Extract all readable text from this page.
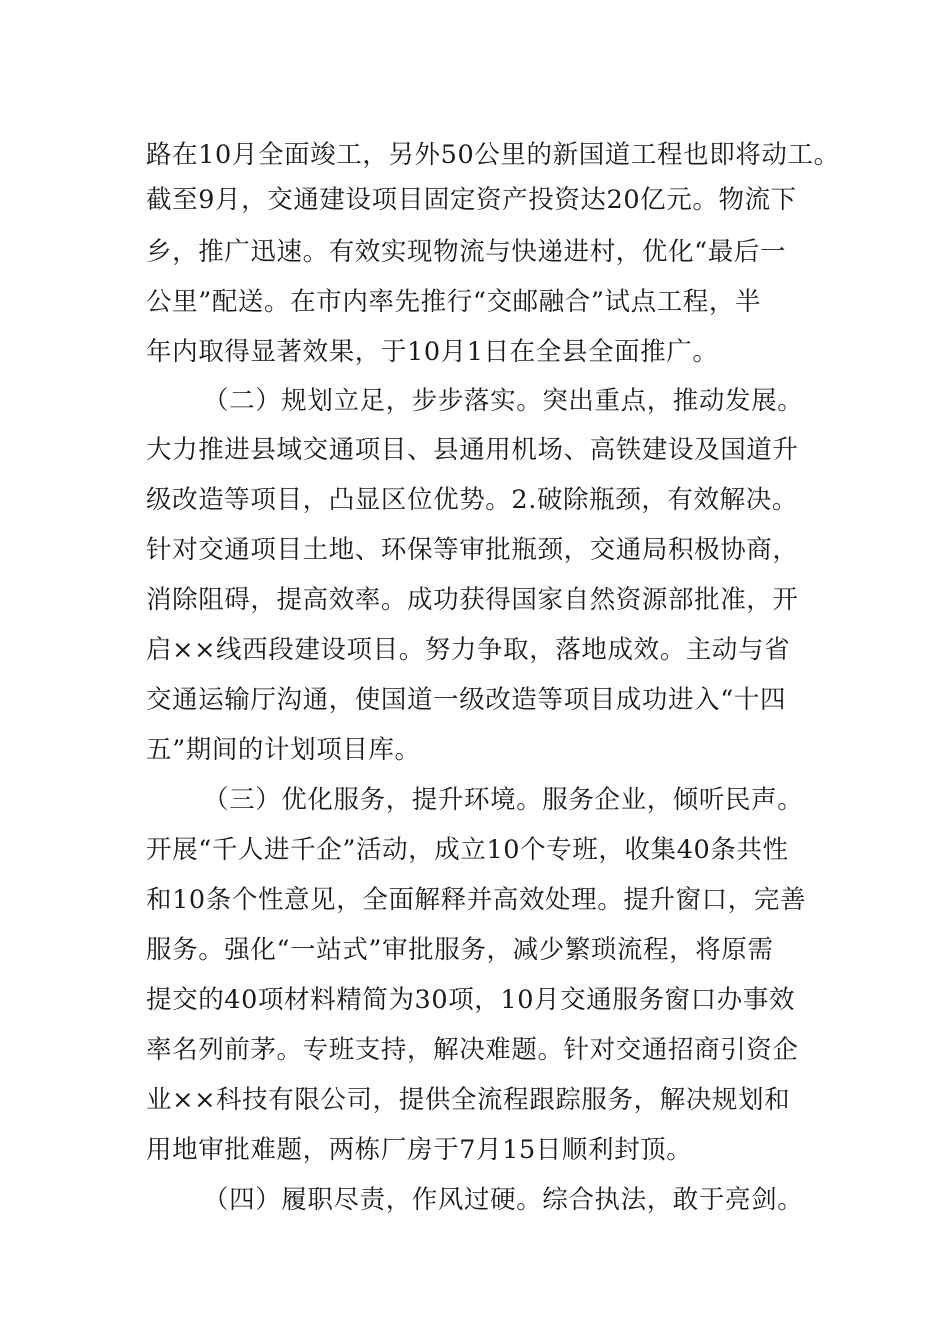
路在10月全面竣工，另外50公里的新国道工程也即将动工。
截至9月，交通建设项目固定资产投资达20亿元。物流下
乡，推广迅速。有效实现物流与快递进村，优化“最后一
公里”配送。在市内率先推行“交邮融合”试点工程，半
年内取得显著效果，于10月1日在全县全面推广。
（二）规划立足，步步落实。突出重点，推动发展。
大力推进县域交通项目、县通用机场、高铁建设及国道升
级改造等项目，凸显区位优势。2.破除瓶颈，有效解决。
针对交通项目土地、环保等审批瓶颈，交通局积极协商，
消除阻碍，提高效率。成功获得国家自然资源部批准，开
启××线西段建设项目。努力争取，落地成效。主动与省
交通运输厅沟通，使国道一级改造等项目成功进入“十四
五”期间的计划项目库。
（三）优化服务，提升环境。服务企业，倾听民声。
开展“千人进千企”活动，成立10个专班，收集40条共性
和10条个性意见，全面解释并高效处理。提升窗口，完善
服务。强化“一站式”审批服务，减少繁琐流程，将原需
提交的40项材料精简为30项，10月交通服务窗口办事效
率名列前茅。专班支持，解决难题。针对交通招商引资企
业××科技有限公司，提供全流程跟踪服务，解决规划和
用地审批难题，两栋厂房于7月15日顺利封顶。
（四）履职尽责，作风过硬。综合执法，敢于亮剑。
